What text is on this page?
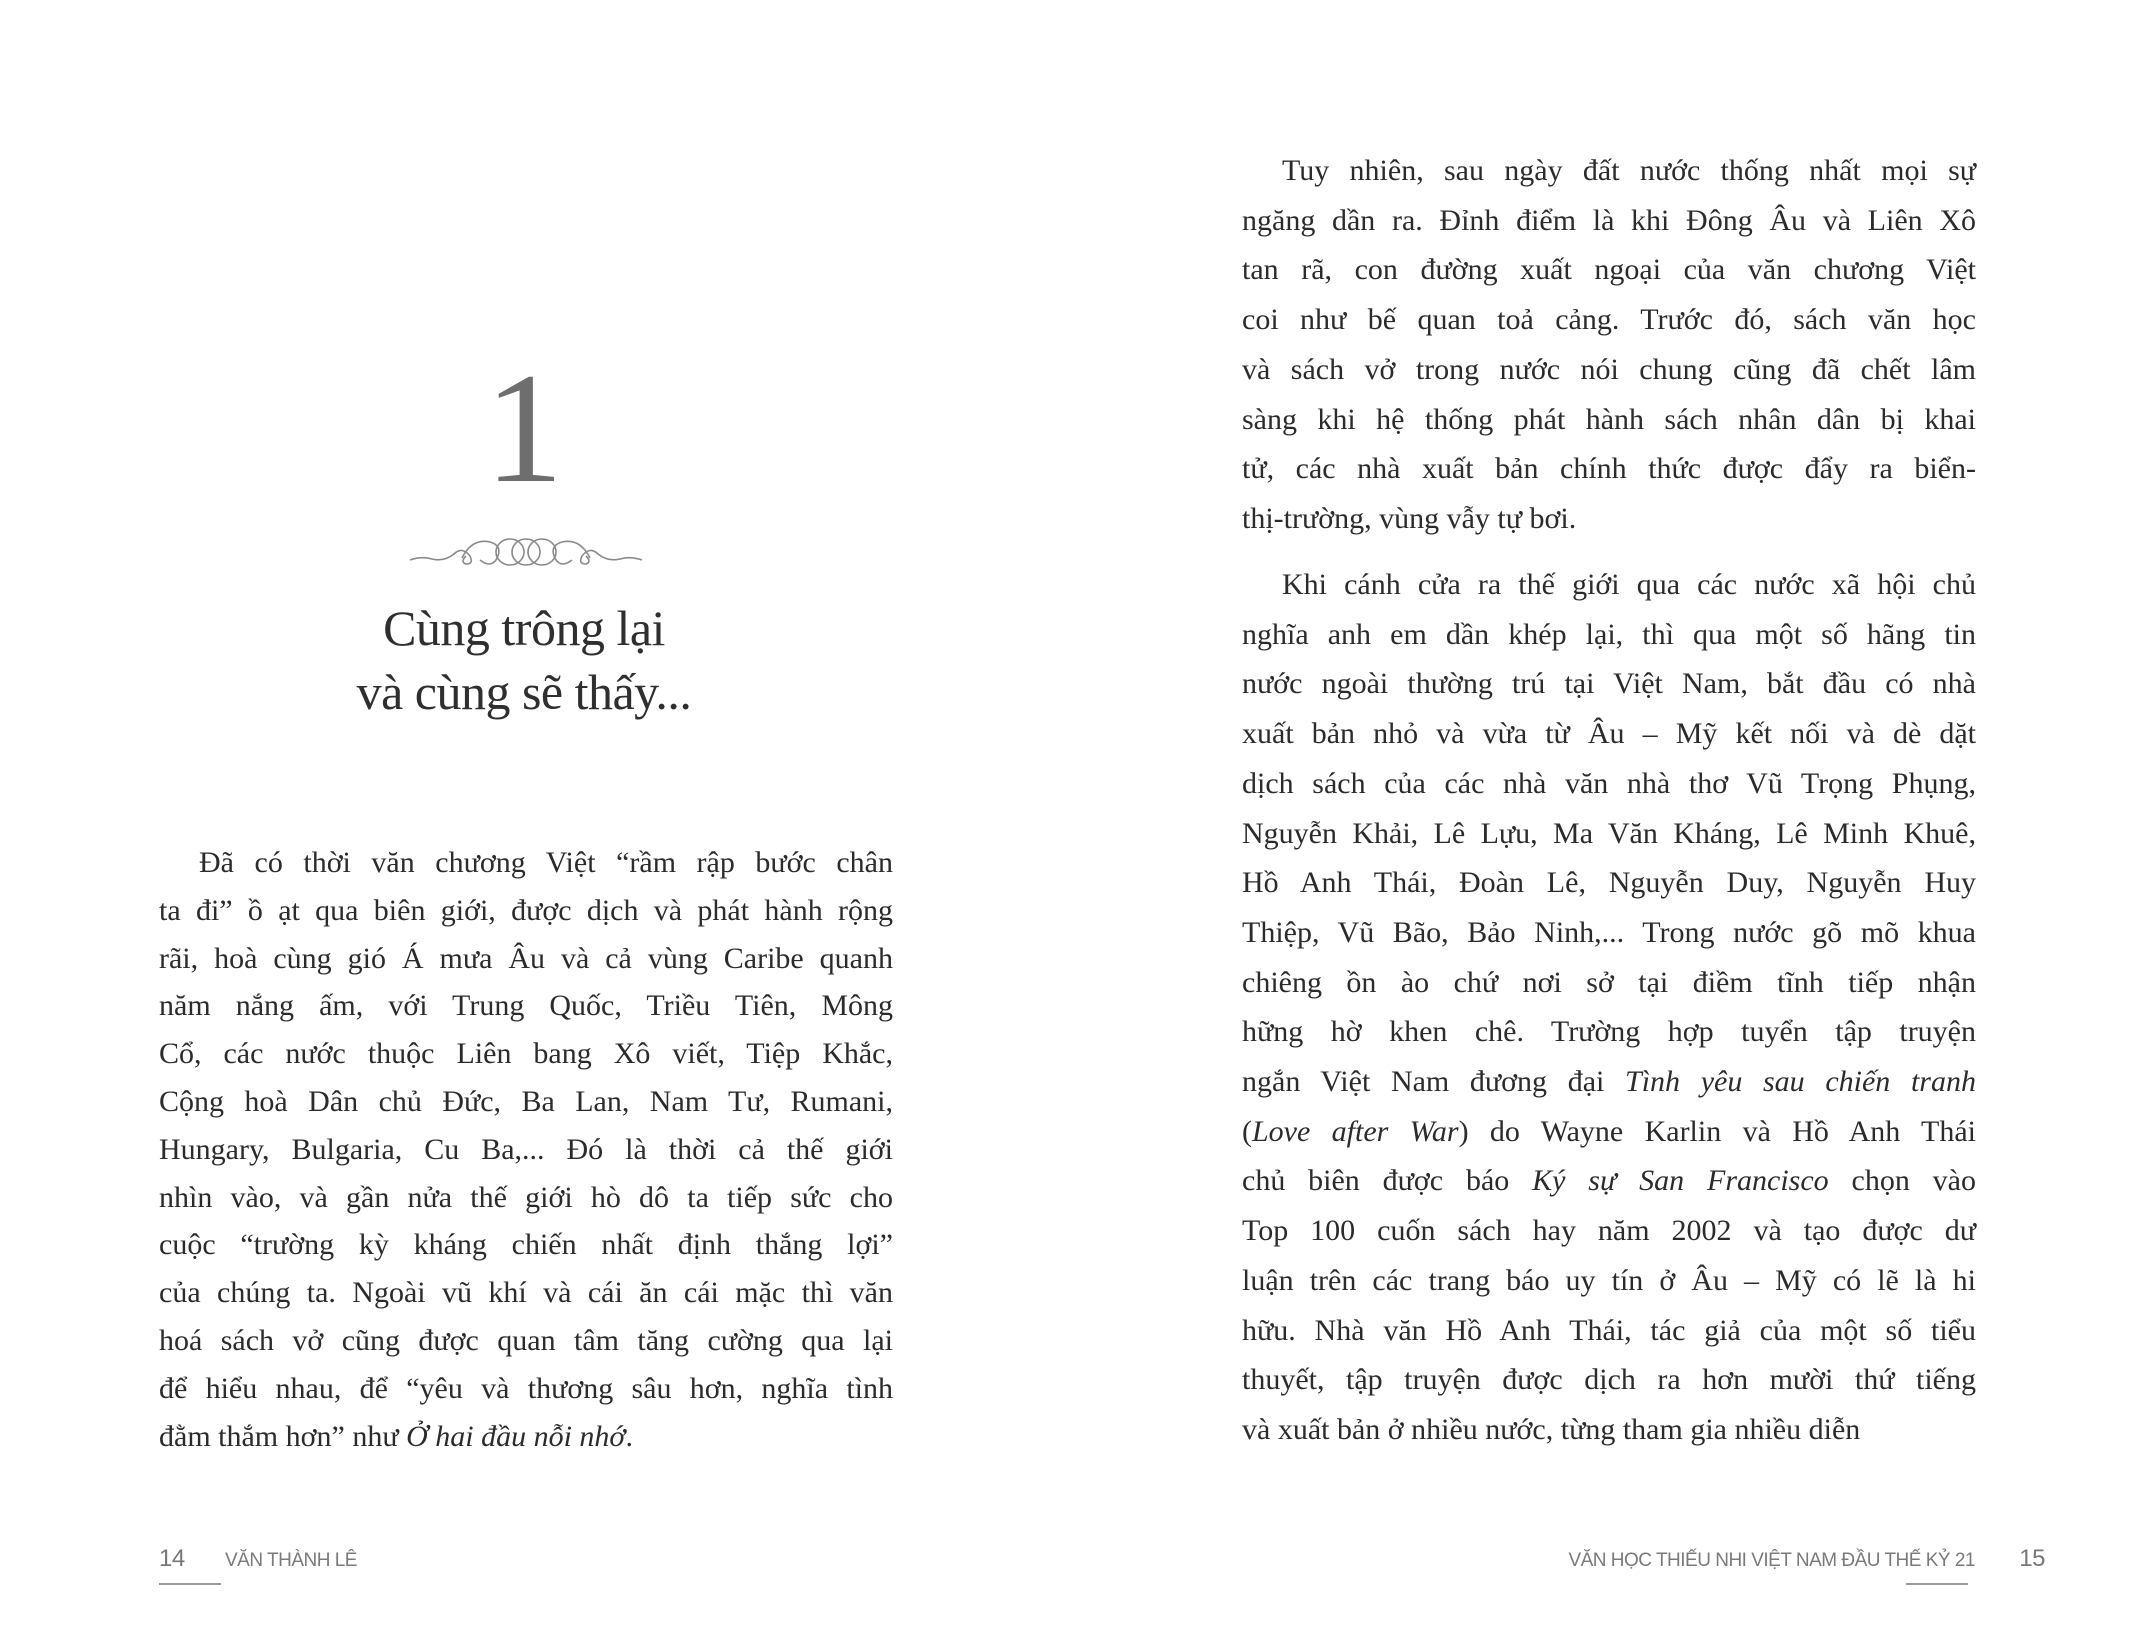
1
Cùng trông lại
và cùng sẽ thấy...
Đã có thời văn chương Việt “rầm rập bước chân
ta đi” ồ ạt qua biên giới, được dịch và phát hành rộng
rãi, hoà cùng gió Á mưa Âu và cả vùng Caribe quanh
năm nắng ấm, với Trung Quốc, Triều Tiên, Mông
Cổ, các nước thuộc Liên bang Xô viết, Tiệp Khắc,
Cộng hoà Dân chủ Đức, Ba Lan, Nam Tư, Rumani,
Hungary, Bulgaria, Cu Ba,... Đó là thời cả thế giới
nhìn vào, và gần nửa thế giới hò dô ta tiếp sức cho
cuộc “trường kỳ kháng chiến nhất định thắng lợi”
của chúng ta. Ngoài vũ khí và cái ăn cái mặc thì văn
hoá sách vở cũng được quan tâm tăng cường qua lại
để hiểu nhau, để “yêu và thương sâu hơn, nghĩa tình
đằm thắm hơn” như Ở hai đầu nỗi nhớ.
14 VĂN THÀNH LÊ
Tuy nhiên, sau ngày đất nước thống nhất mọi sự
ngăng dần ra. Đỉnh điểm là khi Đông Âu và Liên Xô
tan rã, con đường xuất ngoại của văn chương Việt
coi như bế quan toả cảng. Trước đó, sách văn học
và sách vở trong nước nói chung cũng đã chết lâm
sàng khi hệ thống phát hành sách nhân dân bị khai
tử, các nhà xuất bản chính thức được đẩy ra biển-
thị-trường, vùng vẫy tự bơi.
Khi cánh cửa ra thế giới qua các nước xã hội chủ
nghĩa anh em dần khép lại, thì qua một số hãng tin
nước ngoài thường trú tại Việt Nam, bắt đầu có nhà
xuất bản nhỏ và vừa từ Âu – Mỹ kết nối và dè dặt
dịch sách của các nhà văn nhà thơ Vũ Trọng Phụng,
Nguyễn Khải, Lê Lựu, Ma Văn Kháng, Lê Minh Khuê,
Hồ Anh Thái, Đoàn Lê, Nguyễn Duy, Nguyễn Huy
Thiệp, Vũ Bão, Bảo Ninh,... Trong nước gõ mõ khua
chiêng ồn ào chứ nơi sở tại điềm tĩnh tiếp nhận
hững hờ khen chê. Trường hợp tuyển tập truyện
ngắn Việt Nam đương đại Tình yêu sau chiến tranh
(Love after War) do Wayne Karlin và Hồ Anh Thái
chủ biên được báo Ký sự San Francisco chọn vào
Top 100 cuốn sách hay năm 2002 và tạo được dư
luận trên các trang báo uy tín ở Âu – Mỹ có lẽ là hi
hữu. Nhà văn Hồ Anh Thái, tác giả của một số tiểu
thuyết, tập truyện được dịch ra hơn mười thứ tiếng
và xuất bản ở nhiều nước, từng tham gia nhiều diễn
VĂN HỌC THIẾU NHI VIỆT NAM ĐẦU THẾ KỶ 21 15
